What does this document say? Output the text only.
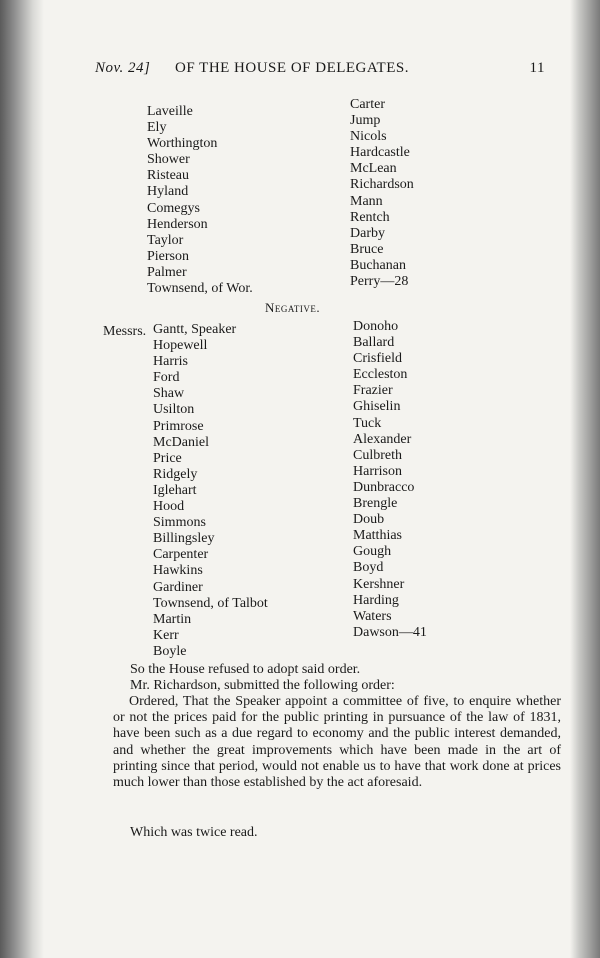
Nov. 24] OF THE HOUSE OF DELEGATES.	11
Laveille
Ely
Worthington
Shower
Risteau
Hyland
Comegys
Henderson
Taylor
Pierson
Palmer
Townsend, of Wor.
Carter
Jump
Nicols
Hardcastle
McLean
Richardson
Mann
Rentch
Darby
Bruce
Buchanan
Perry—28
Negative.
Messrs. Gantt, Speaker
Hopewell
Harris
Ford
Shaw
Usilton
Primrose
McDaniel
Price
Ridgely
Iglehart
Hood
Simmons
Billingsley
Carpenter
Hawkins
Gardiner
Townsend, of Talbot
Martin
Kerr
Boyle
Donoho
Ballard
Crisfield
Eccleston
Frazier
Ghiselin
Tuck
Alexander
Culbreth
Harrison
Dunbracco
Brengle
Doub
Matthias
Gough
Boyd
Kershner
Harding
Waters
Dawson—41
So the House refused to adopt said order.
Mr. Richardson, submitted the following order:
Ordered, That the Speaker appoint a committee of five, to enquire whether or not the prices paid for the public printing in pursuance of the law of 1831, have been such as a due regard to economy and the public interest demanded, and whether the great improvements which have been made in the art of printing since that period, would not enable us to have that work done at prices much lower than those established by the act aforesaid.
Which was twice read.
